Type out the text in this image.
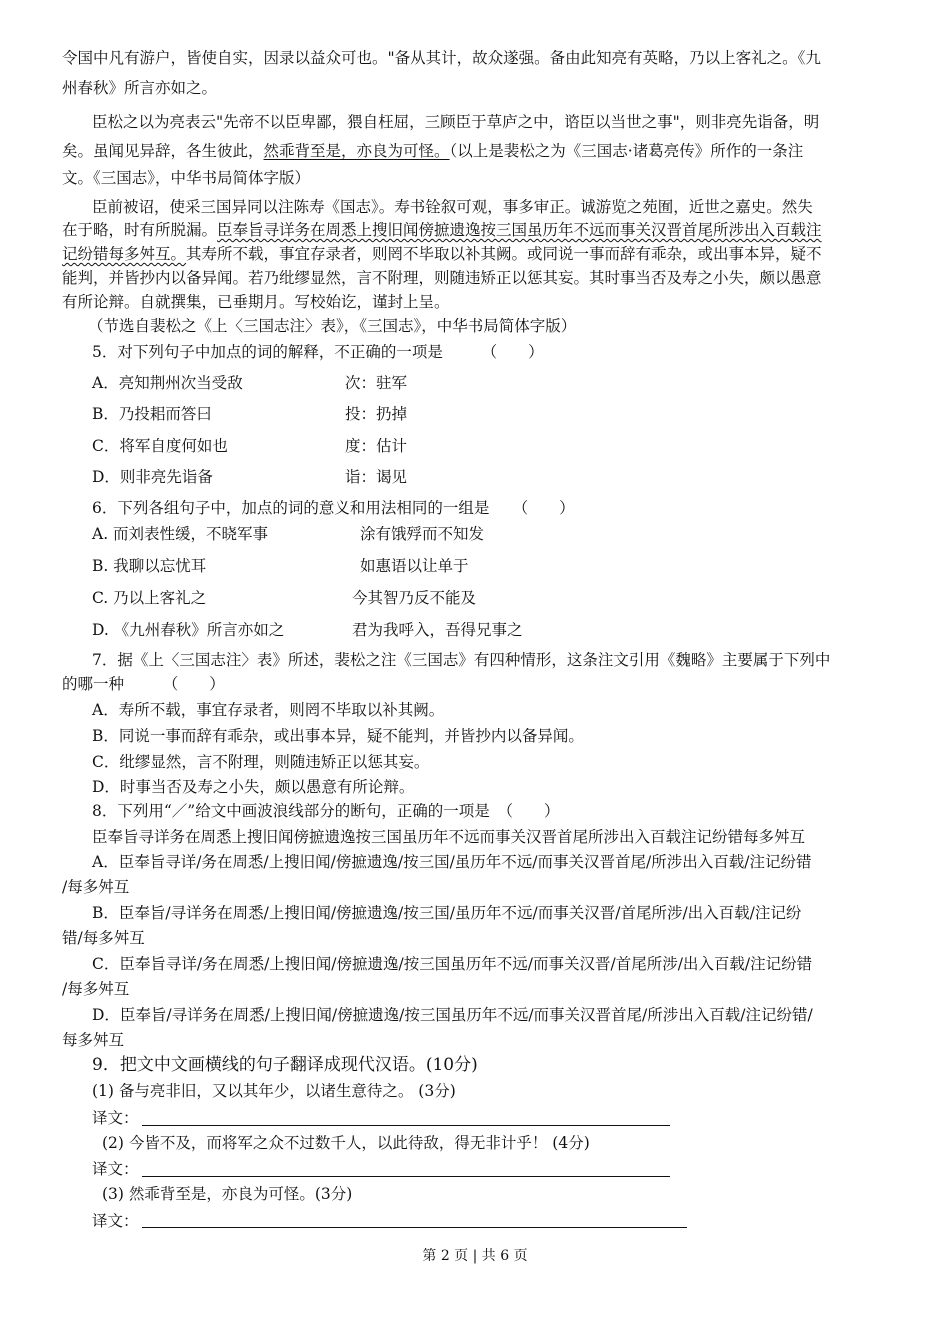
令国中凡有游户，皆使自实，因录以益众可也。"备从其计，故众遂强。备由此知亮有英略，乃以上客礼之。《九
州春秋》所言亦如之。
臣松之以为亮表云"先帝不以臣卑鄙，猥自枉屈，三顾臣于草庐之中，谘臣以当世之事"，则非亮先诣备，明
矣。虽闻见异辞，各生彼此，然乖背至是，亦良为可怪。（以上是裴松之为《三国志·诸葛亮传》所作的一条注
文。《三国志》，中华书局简体字版）
臣前被诏，使采三国异同以注陈寿《国志》。寿书铨叙可观，事多审正。诚游览之苑囿，近世之嘉史。然失
在于略，时有所脱漏。臣奉旨寻详务在周悉上搜旧闻傍摭遗逸按三国虽历年不远而事关汉晋首尾所涉出入百载注
记纷错每多舛互。其寿所不载，事宜存录者，则罔不毕取以补其阙。或同说一事而辞有乖杂，或出事本异，疑不
能判，并皆抄内以备异闻。若乃纰缪显然，言不附理，则随违矫正以惩其妄。其时事当否及寿之小失，颇以愚意
有所论辩。自就撰集，已垂期月。写校始讫，谨封上呈。
（节选自裴松之《上〈三国志注〉表》，《三国志》，中华书局简体字版）
5．对下列句子中加点的词的解释，不正确的一项是　　　（　　）
A．亮知荆州次当受敌	次：驻军
B．乃投耜而答曰	投：扔掉
C．将军自度何如也	度：估计
D．则非亮先诣备	诣：谒见
6．下列各组句子中，加点的词的意义和用法相同的一组是　　（　　）
A. 而刘表性缓，不晓军事	涂有饿殍而不知发
B. 我聊以忘忧耳	如惠语以让单于
C. 乃以上客礼之	今其智乃反不能及
D. 《九州春秋》所言亦如之	君为我呼入，吾得兄事之
7．据《上〈三国志注〉表》所述，裴松之注《三国志》有四种情形，这条注文引用《魏略》主要属于下列中
的哪一种　　　（　　）
A．寿所不载，事宜存录者，则罔不毕取以补其阙。
B．同说一事而辞有乖杂，或出事本异，疑不能判，并皆抄内以备异闻。
C．纰缪显然，言不附理，则随违矫正以惩其妄。
D．时事当否及寿之小失，颇以愚意有所论辩。
8．下列用“／”给文中画波浪线部分的断句，正确的一项是　（　　）
臣奉旨寻详务在周悉上搜旧闻傍摭遗逸按三国虽历年不远而事关汉晋首尾所涉出入百载注记纷错每多舛互
A．臣奉旨寻详/务在周悉/上搜旧闻/傍摭遗逸/按三国/虽历年不远/而事关汉晋首尾/所涉出入百载/注记纷错
/每多舛互
B．臣奉旨/寻详务在周悉/上搜旧闻/傍摭遗逸/按三国/虽历年不远/而事关汉晋/首尾所涉/出入百载/注记纷
错/每多舛互
C．臣奉旨寻详/务在周悉/上搜旧闻/傍摭遗逸/按三国虽历年不远/而事关汉晋/首尾所涉/出入百载/注记纷错
/每多舛互
D．臣奉旨/寻详务在周悉/上搜旧闻/傍摭遗逸/按三国虽历年不远/而事关汉晋首尾/所涉出入百载/注记纷错/
每多舛互
9．把文中文画横线的句子翻译成现代汉语。(10分)
(1) 备与亮非旧，又以其年少，以诸生意待之。 (3分)
译文：
(2) 今皆不及，而将军之众不过数千人，以此待敌，得无非计乎！ (4分)
译文：
(3) 然乖背至是，亦良为可怪。(3分)
译文：
第 2 页 | 共 6 页
